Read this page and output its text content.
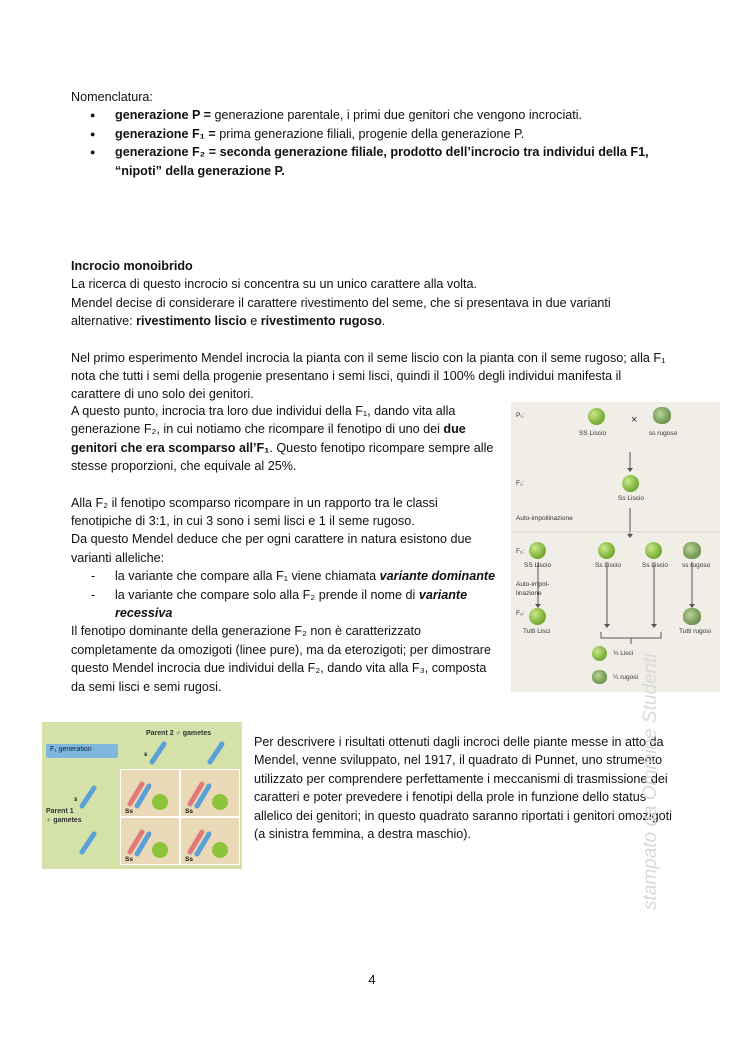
Nomenclatura:
● generazione P = generazione parentale, i primi due genitori che vengono incrociati.
● generazione F₁ = prima generazione filiali, progenie della generazione P.
● generazione F₂ = seconda generazione filiale, prodotto dell’incrocio tra individui della F1, “nipoti” della generazione P.
Incrocio monoibrido
La ricerca di questo incrocio si concentra su un unico carattere alla volta.
Mendel decise di considerare il carattere rivestimento del seme, che si presentava in due varianti alternative: rivestimento liscio e rivestimento rugoso.
Nel primo esperimento Mendel incrocia la pianta con il seme liscio con la pianta con il seme rugoso; alla F₁ nota che tutti i semi della progenie presentano i semi lisci, quindi il 100% degli individui manifesta il carattere di uno solo dei genitori.
A questo punto, incrocia tra loro due individui della F₁, dando vita alla generazione F₂, in cui notiamo che ricompare il fenotipo di uno dei due genitori che era scomparso all’F₁. Questo fenotipo ricompare sempre alle stesse proporzioni, che equivale al 25%.
Alla F₂ il fenotipo scomparso ricompare in un rapporto tra le classi fenotipiche di 3:1, in cui 3 sono i semi lisci e 1 il seme rugoso.
Da questo Mendel deduce che per ogni carattere in natura esistono due varianti alleliche:
- la variante che compare alla F₁ viene chiamata variante dominante
- la variante che compare solo alla F₂ prende il nome di variante recessiva
Il fenotipo dominante della generazione F₂ non è caratterizzato completamente da omozigoti (linee pure), ma da eterozigoti; per dimostrare questo Mendel incrocia due individui della F₂, dando vita alla F₃, composta da semi lisci e semi rugosi.
P₁:	×
SS Liscio	ss rugoso
F₁:
Ss Liscio
Auto-impollinazione
F₂:
SS Liscio	Ss Liscio	Ss Liscio ss rugoso
Auto-impol-
linazione
F₃:
Tutti Lisci	Tutti rugosi
¾ Lisci
¼ rugosi
F₁ generation
Parent 2 ♂ gametes
Parent 1
♀ gametes
Ss	Ss
Ss	Ss
s
s
Per descrivere i risultati ottenuti dagli incroci delle piante messe in atto da Mendel, venne sviluppato, nel 1917, il quadrato di Punnet, uno strumento utilizzato per comprendere perfettamente i meccanismi di trasmissione dei caratteri e poter prevedere i fenotipi della prole in funzione dello status allelico dei genitori; in questo quadrato saranno riportati i genitori omozigoti (a sinistra femmina, a destra maschio).	stampato da Ommine Studenti
4
